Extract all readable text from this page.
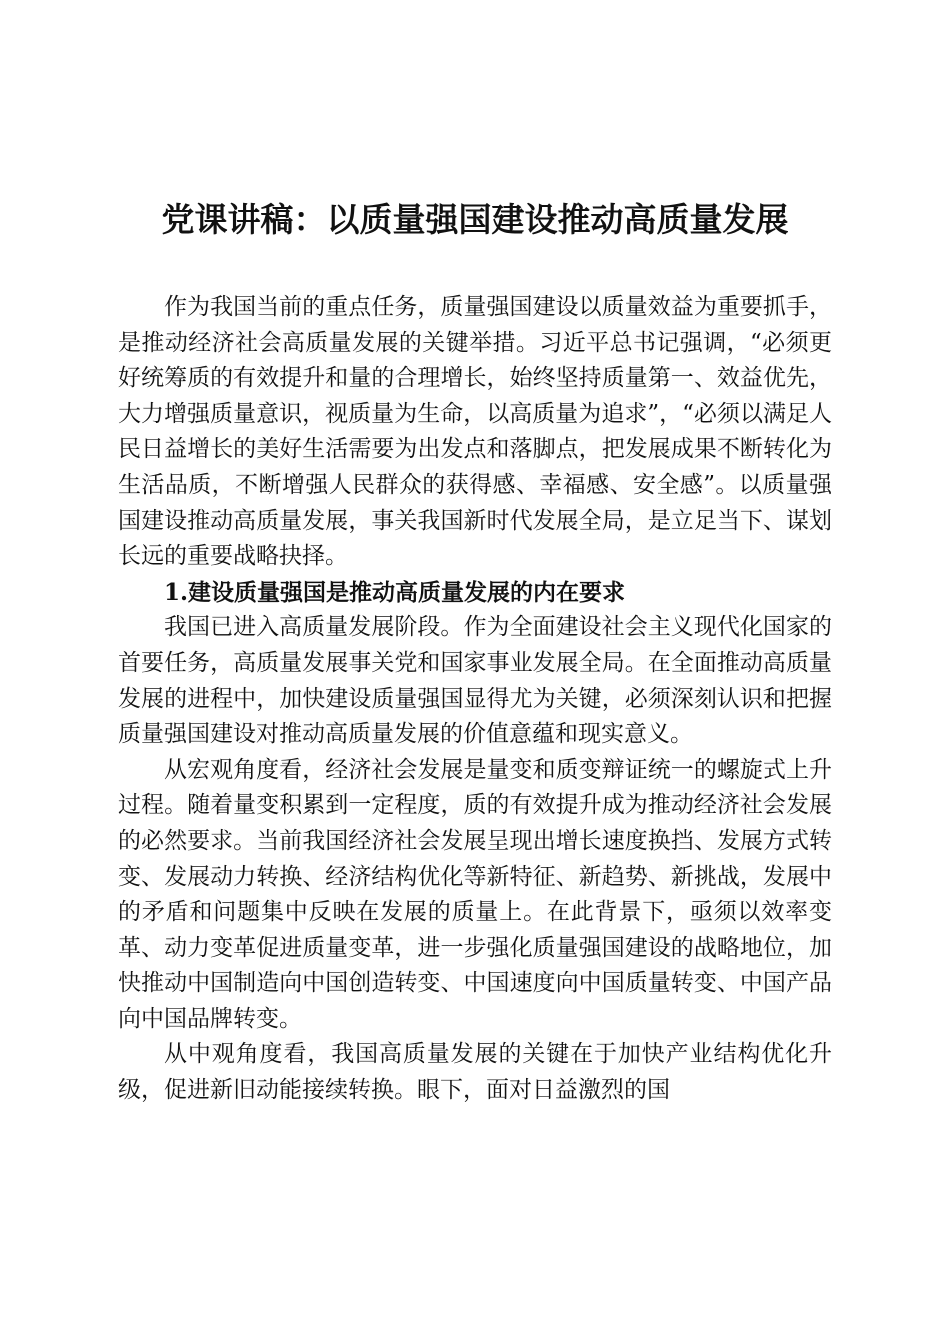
党课讲稿：以质量强国建设推动高质量发展

作为我国当前的重点任务，质量强国建设以质量效益为重要抓手，是推动经济社会高质量发展的关键举措。习近平总书记强调，“必须更好统筹质的有效提升和量的合理增长，始终坚持质量第一、效益优先，大力增强质量意识，视质量为生命，以高质量为追求”，“必须以满足人民日益增长的美好生活需要为出发点和落脚点，把发展成果不断转化为生活品质，不断增强人民群众的获得感、幸福感、安全感”。以质量强国建设推动高质量发展，事关我国新时代发展全局，是立足当下、谋划长远的重要战略抉择。

1.建设质量强国是推动高质量发展的内在要求

我国已进入高质量发展阶段。作为全面建设社会主义现代化国家的首要任务，高质量发展事关党和国家事业发展全局。在全面推动高质量发展的进程中，加快建设质量强国显得尤为关键，必须深刻认识和把握质量强国建设对推动高质量发展的价值意蕴和现实意义。

从宏观角度看，经济社会发展是量变和质变辩证统一的螺旋式上升过程。随着量变积累到一定程度，质的有效提升成为推动经济社会发展的必然要求。当前我国经济社会发展呈现出增长速度换挡、发展方式转变、发展动力转换、经济结构优化等新特征、新趋势、新挑战，发展中的矛盾和问题集中反映在发展的质量上。在此背景下，亟须以效率变革、动力变革促进质量变革，进一步强化质量强国建设的战略地位，加快推动中国制造向中国创造转变、中国速度向中国质量转变、中国产品向中国品牌转变。

从中观角度看，我国高质量发展的关键在于加快产业结构优化升级，促进新旧动能接续转换。眼下，面对日益激烈的国
